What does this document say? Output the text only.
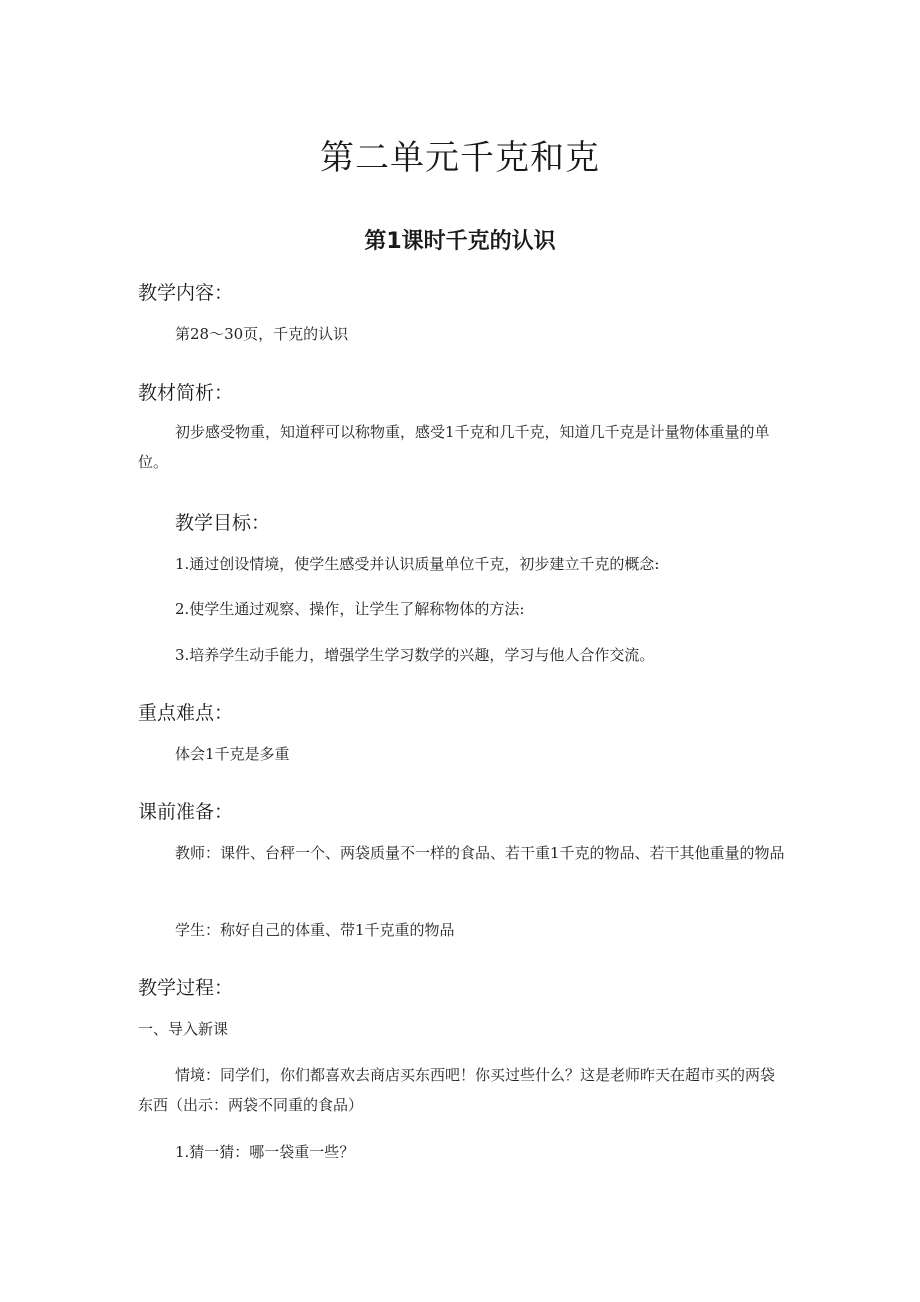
第二单元千克和克
第1课时千克的认识
教学内容：
第28～30页，千克的认识
教材简析：
初步感受物重，知道秤可以称物重，感受1千克和几千克，知道几千克是计量物体重量的单位。
教学目标：
1.通过创设情境，使学生感受并认识质量单位千克，初步建立千克的概念:
2.使学生通过观察、操作，让学生了解称物体的方法:
3.培养学生动手能力，增强学生学习数学的兴趣，学习与他人合作交流。
重点难点：
体会1千克是多重
课前准备：
教师：课件、台秤一个、两袋质量不一样的食品、若干重1千克的物品、若干其他重量的物品
学生：称好自己的体重、带1千克重的物品
教学过程：
一、导入新课
情境：同学们，你们都喜欢去商店买东西吧！你买过些什么？这是老师昨天在超市买的两袋东西（出示：两袋不同重的食品）
1.猜一猜：哪一袋重一些？
